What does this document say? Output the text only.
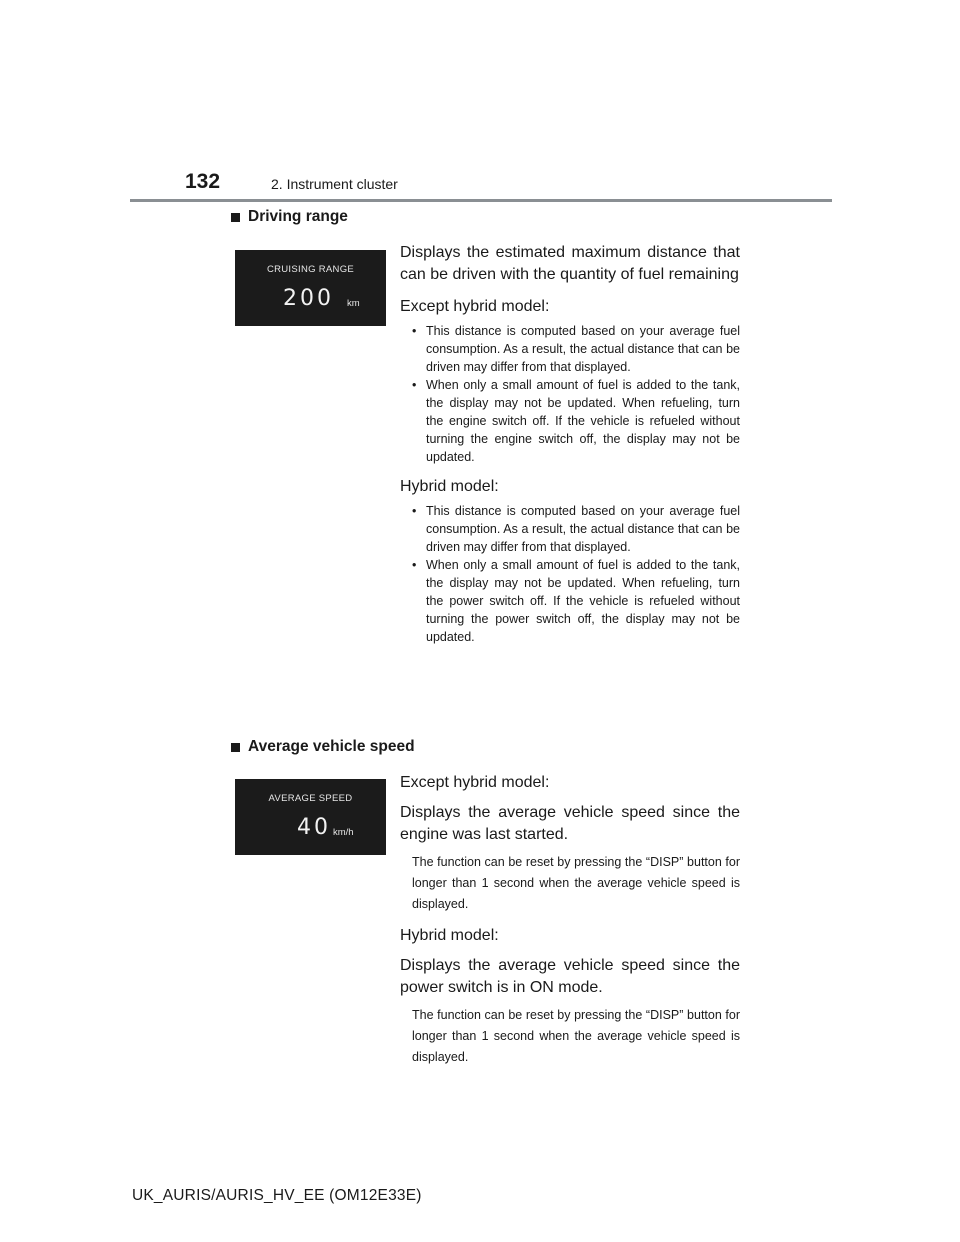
132	2. Instrument cluster
Driving range
CRUISING RANGE
200 km

Displays the estimated maximum distance that can be driven with the quantity of fuel remaining

Except hybrid model:

• This distance is computed based on your average fuel consumption. As a result, the actual distance that can be driven may differ from that displayed.
• When only a small amount of fuel is added to the tank, the display may not be updated. When refueling, turn the engine switch off. If the vehicle is refueled without turning the engine switch off, the display may not be updated.

Hybrid model:

• This distance is computed based on your average fuel consumption. As a result, the actual distance that can be driven may differ from that displayed.
• When only a small amount of fuel is added to the tank, the display may not be updated. When refueling, turn the power switch off. If the vehicle is refueled without turning the power switch off, the display may not be updated.
Average vehicle speed
AVERAGE SPEED
40 km/h

Except hybrid model:

Displays the average vehicle speed since the engine was last started.

The function can be reset by pressing the “DISP” button for longer than 1 second when the average vehicle speed is displayed.

Hybrid model:

Displays the average vehicle speed since the power switch is in ON mode.

The function can be reset by pressing the “DISP” button for longer than 1 second when the average vehicle speed is displayed.

UK_AURIS/AURIS_HV_EE (OM12E33E)
